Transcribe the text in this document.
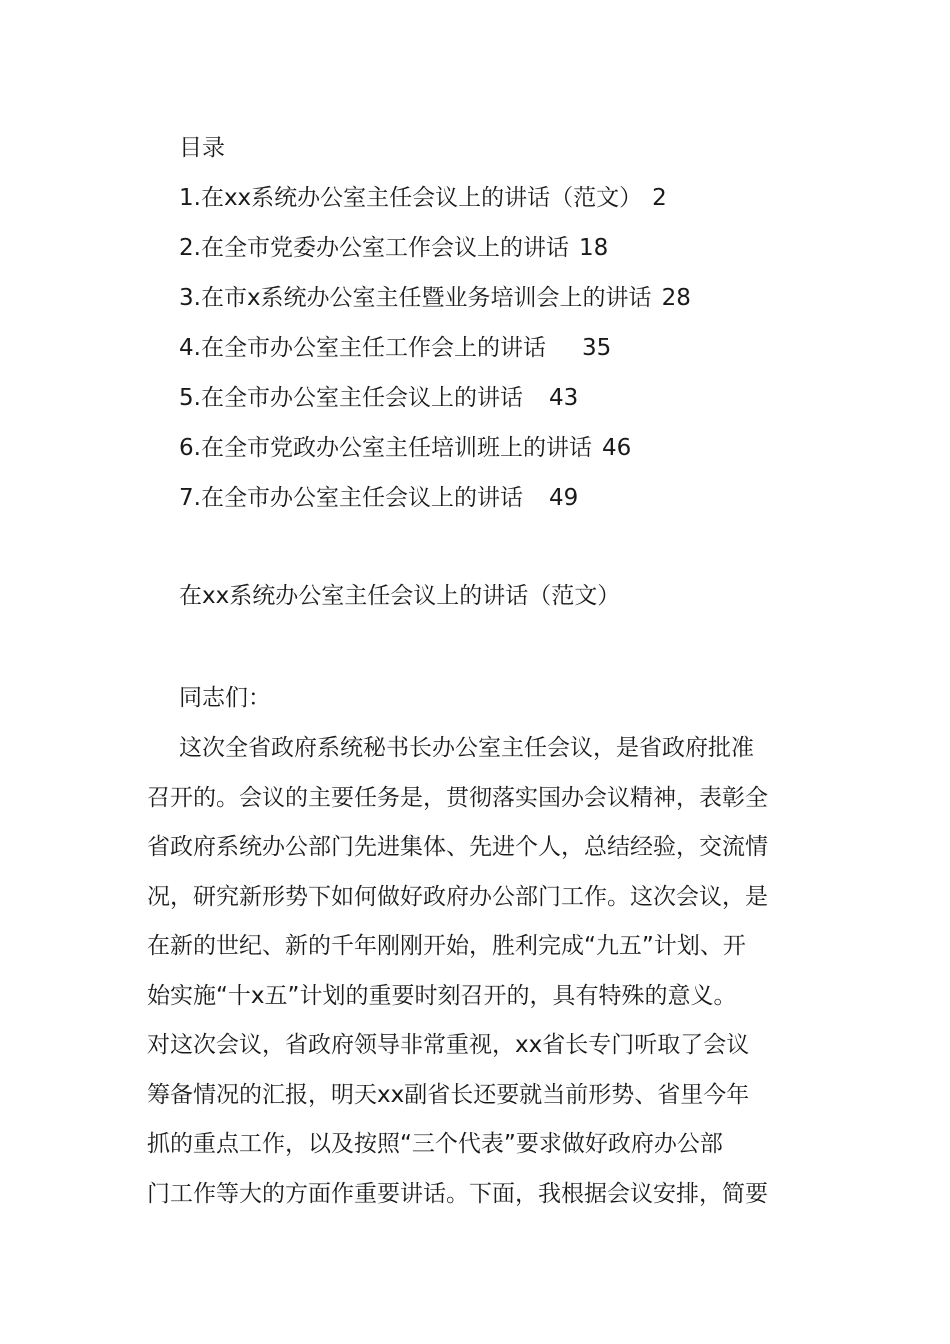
目录
1.在xx系统办公室主任会议上的讲话（范文） 2
2.在全市党委办公室工作会议上的讲话 18
3.在市x系统办公室主任暨业务培训会上的讲话 28
4.在全市办公室主任工作会上的讲话 35
5.在全市办公室主任会议上的讲话 43
6.在全市党政办公室主任培训班上的讲话 46
7.在全市办公室主任会议上的讲话 49
在xx系统办公室主任会议上的讲话（范文）
同志们：
这次全省政府系统秘书长办公室主任会议，是省政府批准
召开的。会议的主要任务是，贯彻落实国办会议精神，表彰全
省政府系统办公部门先进集体、先进个人，总结经验，交流情
况，研究新形势下如何做好政府办公部门工作。这次会议，是
在新的世纪、新的千年刚刚开始，胜利完成“九五”计划、开
始实施“十x五”计划的重要时刻召开的，具有特殊的意义。
对这次会议，省政府领导非常重视，xx省长专门听取了会议
筹备情况的汇报，明天xx副省长还要就当前形势、省里今年
抓的重点工作，以及按照“三个代表”要求做好政府办公部
门工作等大的方面作重要讲话。下面，我根据会议安排，简要
